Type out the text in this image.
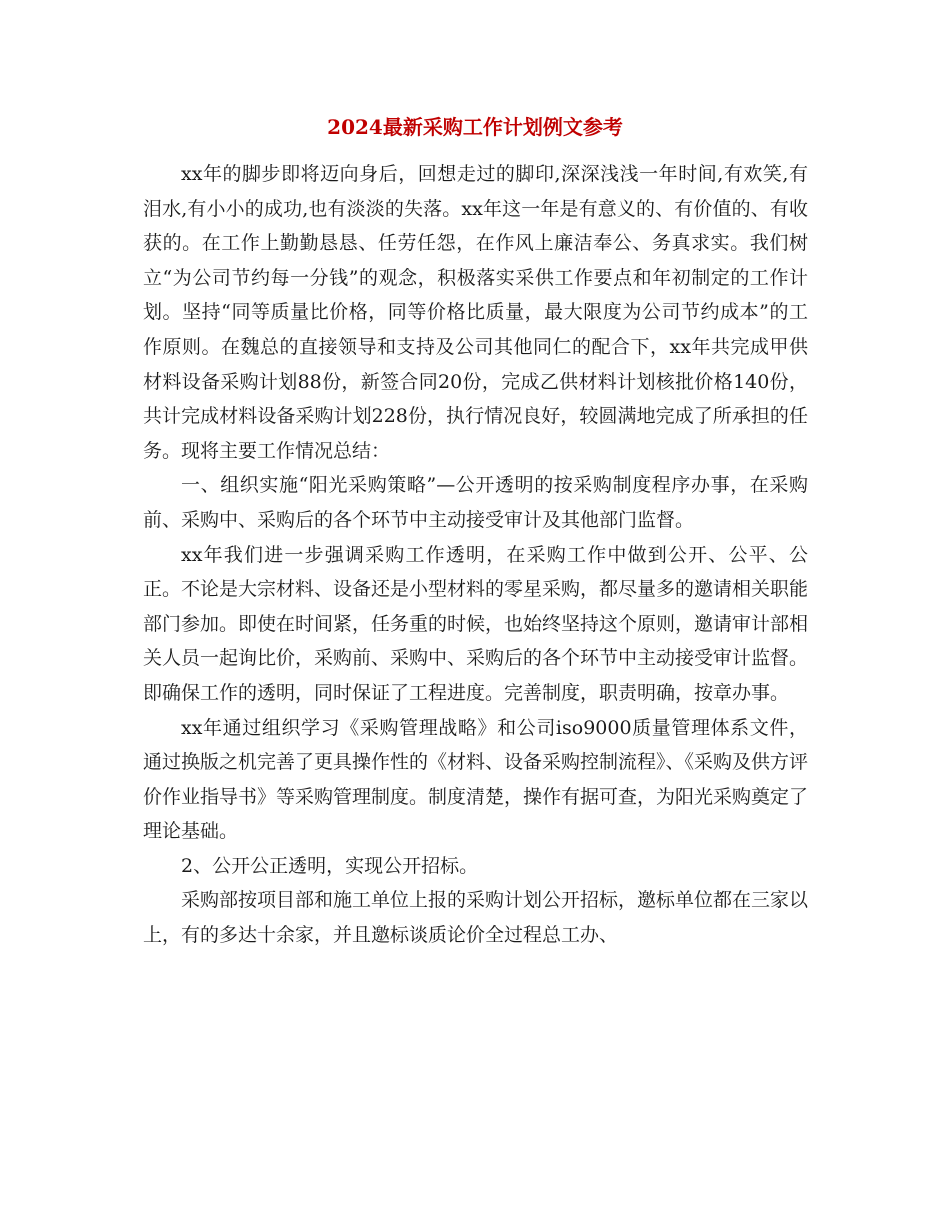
2024最新采购工作计划例文参考

xx年的脚步即将迈向身后，回想走过的脚印,深深浅浅一年时间,有欢笑,有泪水,有小小的成功,也有淡淡的失落。xx年这一年是有意义的、有价值的、有收获的。在工作上勤勤恳恳、任劳任怨，在作风上廉洁奉公、务真求实。我们树立“为公司节约每一分钱”的观念，积极落实采供工作要点和年初制定的工作计划。坚持“同等质量比价格，同等价格比质量，最大限度为公司节约成本”的工作原则。在魏总的直接领导和支持及公司其他同仁的配合下，xx年共完成甲供材料设备采购计划88份，新签合同20份，完成乙供材料计划核批价格140份，共计完成材料设备采购计划228份，执行情况良好，较圆满地完成了所承担的任务。现将主要工作情况总结：

一、组织实施“阳光采购策略”—公开透明的按采购制度程序办事，在采购前、采购中、采购后的各个环节中主动接受审计及其他部门监督。

xx年我们进一步强调采购工作透明，在采购工作中做到公开、公平、公正。不论是大宗材料、设备还是小型材料的零星采购，都尽量多的邀请相关职能部门参加。即使在时间紧，任务重的时候，也始终坚持这个原则，邀请审计部相关人员一起询比价，采购前、采购中、采购后的各个环节中主动接受审计监督。即确保工作的透明，同时保证了工程进度。完善制度，职责明确，按章办事。

xx年通过组织学习《采购管理战略》和公司iso9000质量管理体系文件，通过换版之机完善了更具操作性的《材料、设备采购控制流程》、《采购及供方评价作业指导书》等采购管理制度。制度清楚，操作有据可查，为阳光采购奠定了理论基础。

2、公开公正透明，实现公开招标。

采购部按项目部和施工单位上报的采购计划公开招标，邀标单位都在三家以上，有的多达十余家，并且邀标谈质论价全过程总工办、
